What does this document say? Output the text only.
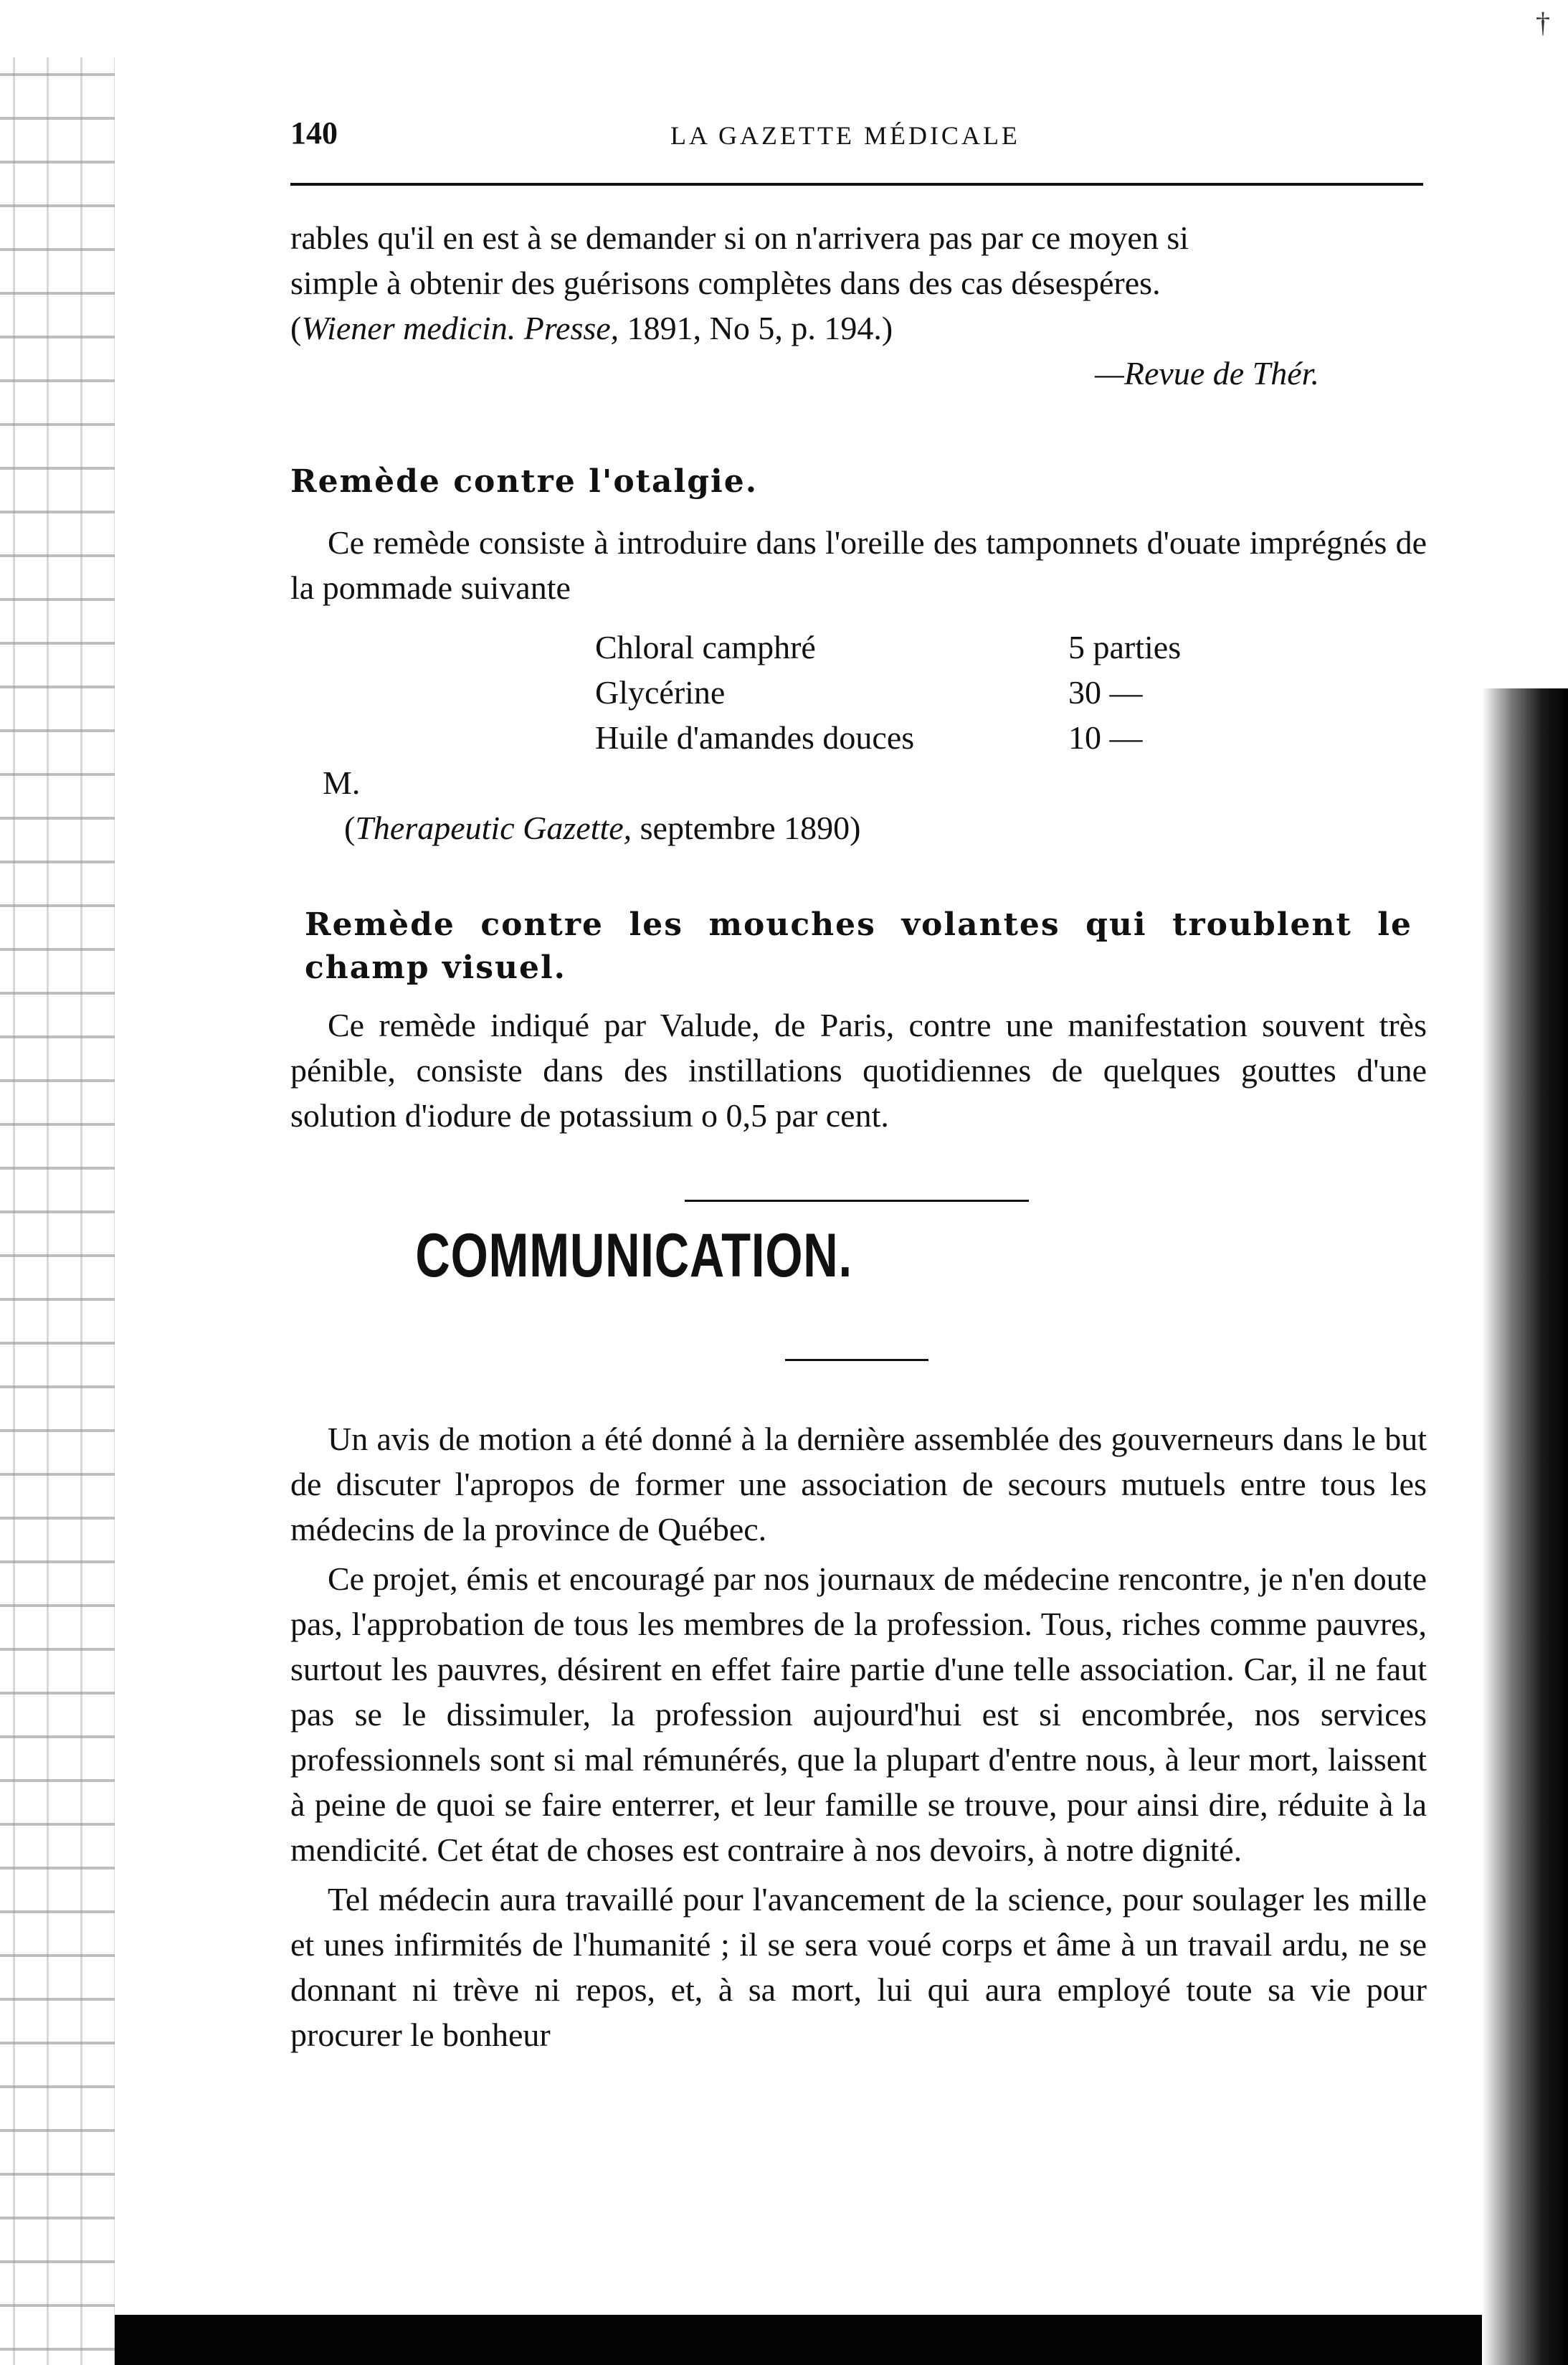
†
140	LA GAZETTE MÉDICALE

rables qu'il en est à se demander si on n'arrivera pas par ce moyen si

simple à obtenir des guérisons complètes dans des cas désespéres.

(Wiener medicin. Presse, 1891, No 5, p. 194.)

—Revue de Thér.

Remède contre l'otalgie.

Ce remède consiste à introduire dans l'oreille des tamponnets d'ouate imprégnés de la pommade suivante

Chloral camphré	5 parties
Glycérine	30 —
Huile d'amandes douces	10 —

M.

(Therapeutic Gazette, septembre 1890)

Remède contre les mouches volantes qui troublent le champ visuel.

Ce remède indiqué par Valude, de Paris, contre une manifestation souvent très pénible, consiste dans des instillations quotidiennes de quelques gouttes d'une solution d'iodure de potassium o 0,5 par cent.

COMMUNICATION.

Un avis de motion a été donné à la dernière assemblée des gouverneurs dans le but de discuter l'apropos de former une association de secours mutuels entre tous les médecins de la province de Québec.

Ce projet, émis et encouragé par nos journaux de médecine rencontre, je n'en doute pas, l'approbation de tous les membres de la profession. Tous, riches comme pauvres, surtout les pauvres, désirent en effet faire partie d'une telle association. Car, il ne faut pas se le dissimuler, la profession aujourd'hui est si encombrée, nos services professionnels sont si mal rémunérés, que la plupart d'entre nous, à leur mort, laissent à peine de quoi se faire enterrer, et leur famille se trouve, pour ainsi dire, réduite à la mendicité. Cet état de choses est contraire à nos devoirs, à notre dignité.

Tel médecin aura travaillé pour l'avancement de la science, pour soulager les mille et unes infirmités de l'humanité ; il se sera voué corps et âme à un travail ardu, ne se donnant ni trève ni repos, et, à sa mort, lui qui aura employé toute sa vie pour procurer le bonheur
